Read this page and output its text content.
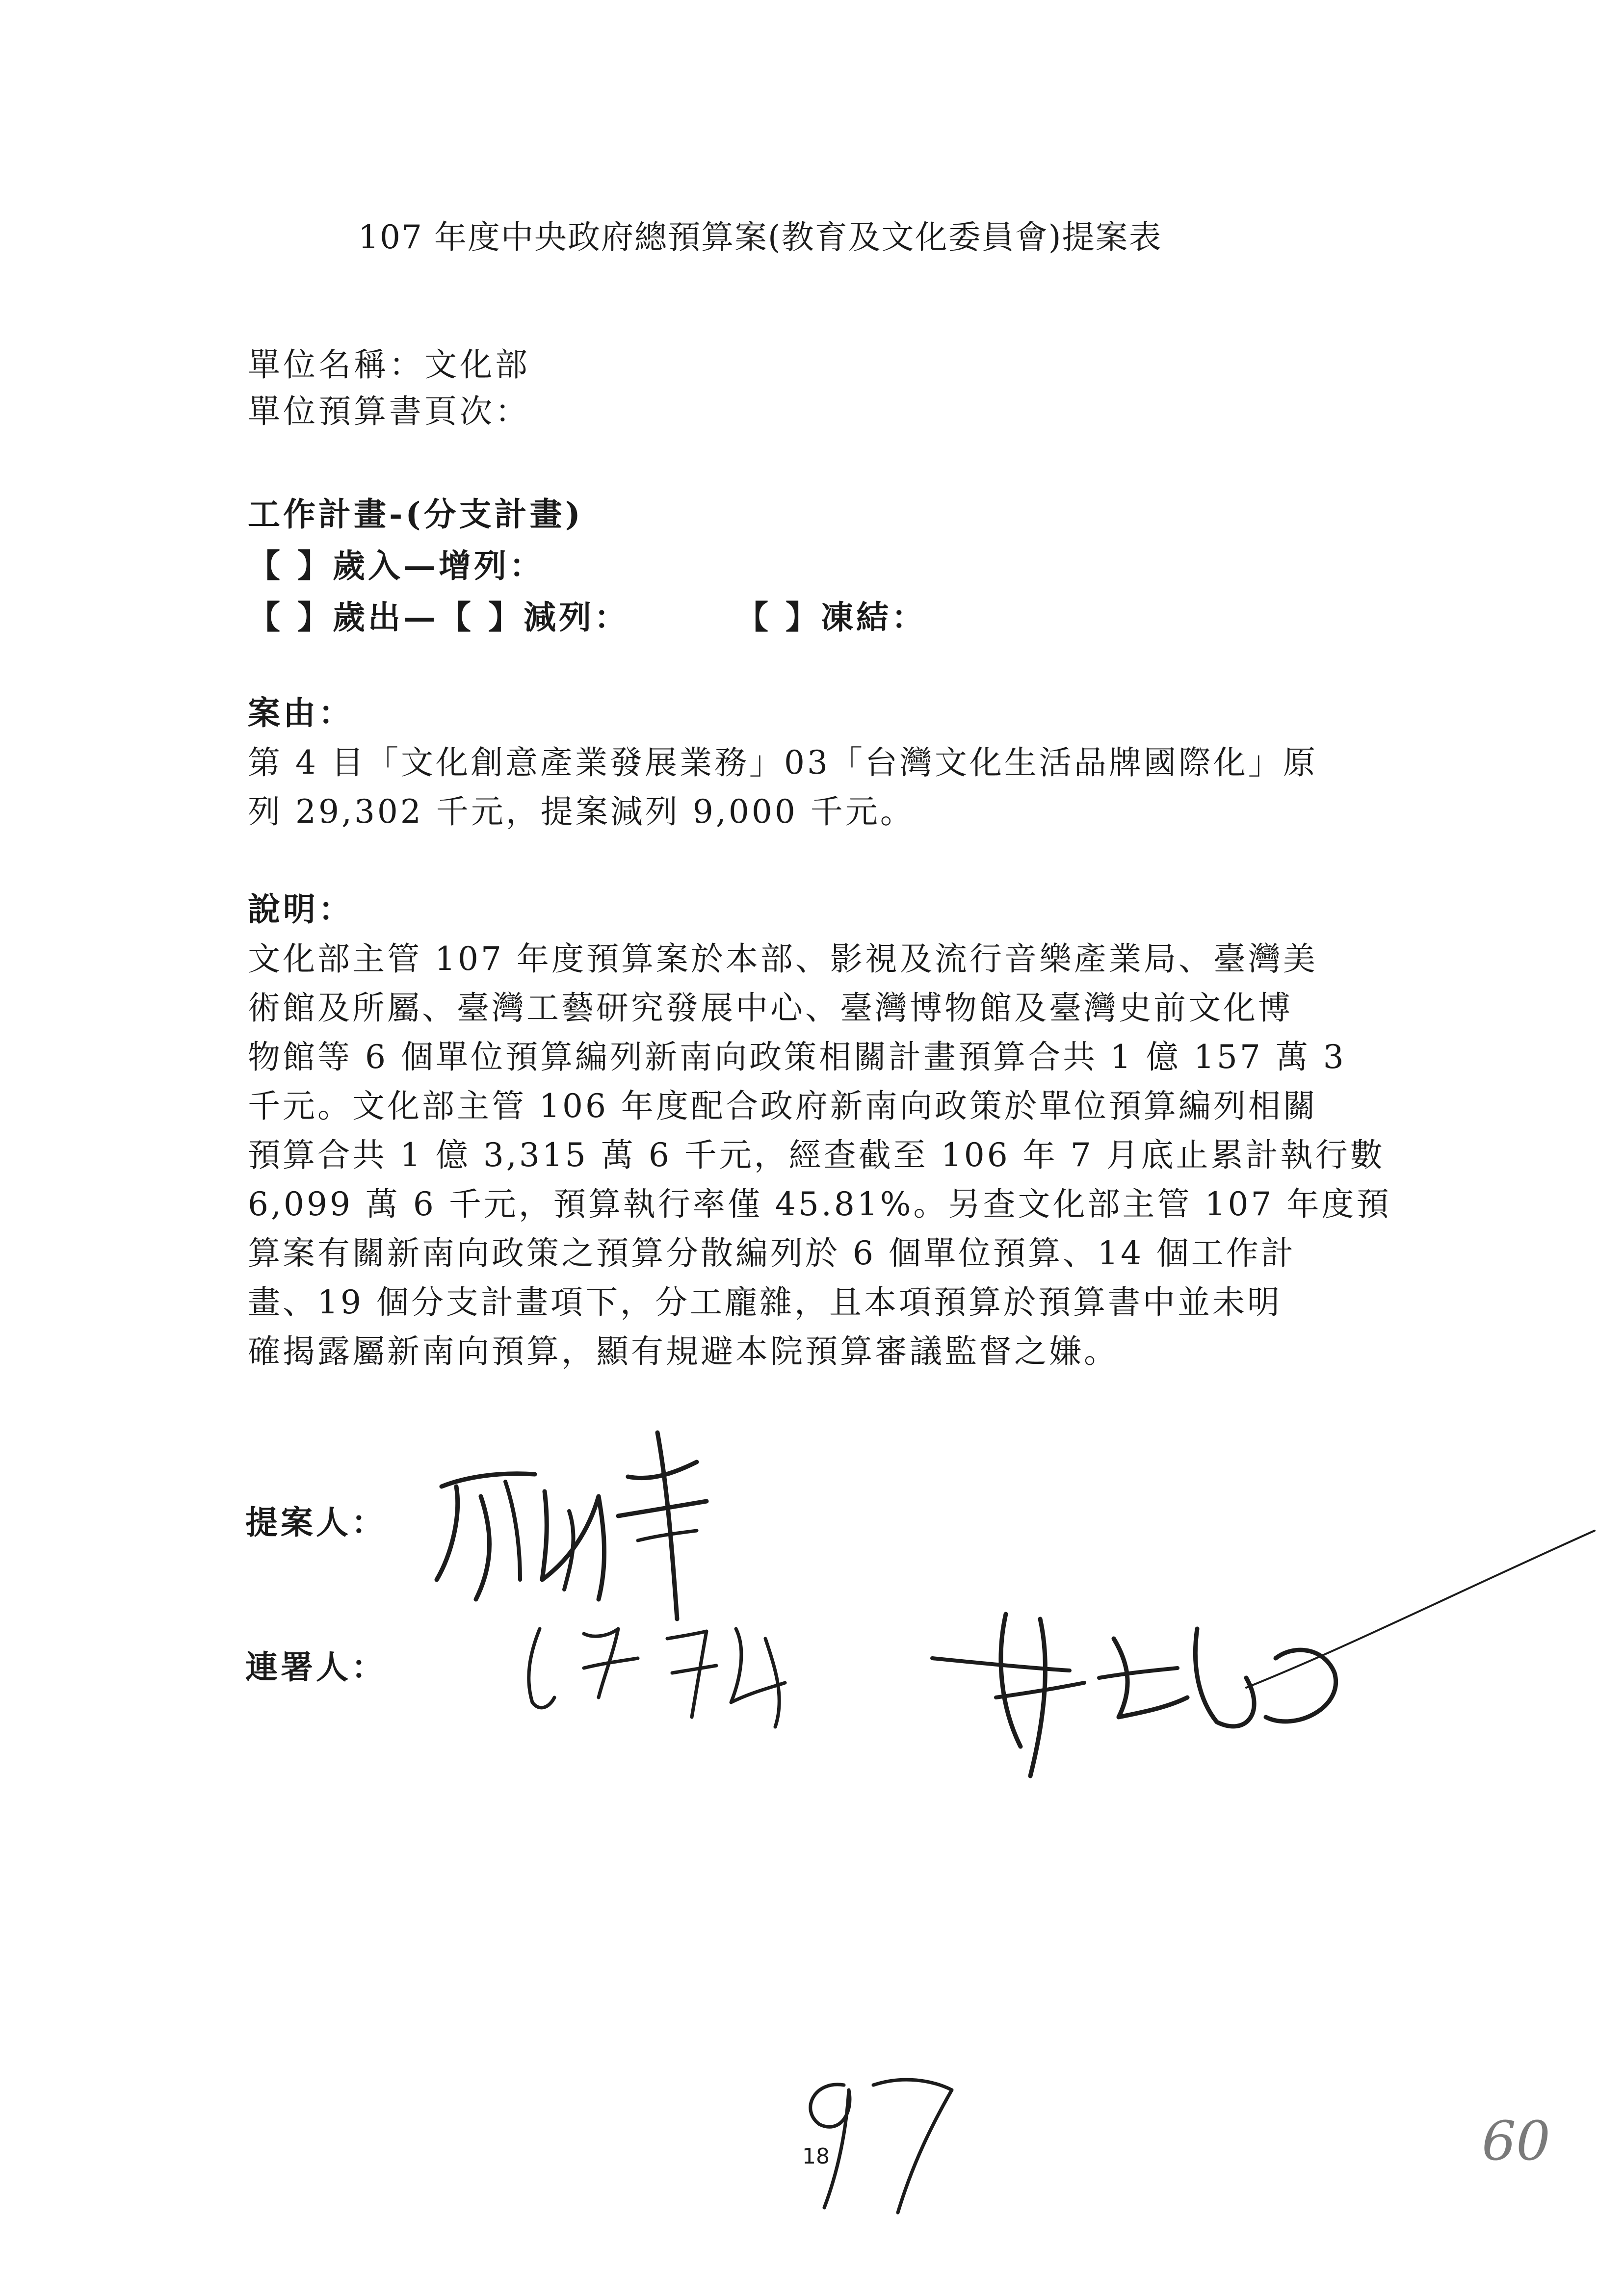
107 年度中央政府總預算案(教育及文化委員會)提案表
單位名稱：文化部
單位預算書頁次：
工作計畫-(分支計畫)
【 】歲入—增列：
【 】歲出—【 】減列：	【 】凍結：
案由：
第 4 目「文化創意產業發展業務」03「台灣文化生活品牌國際化」原
列 29,302 千元，提案減列 9,000 千元。
說明：
文化部主管 107 年度預算案於本部、影視及流行音樂產業局、臺灣美
術館及所屬、臺灣工藝研究發展中心、臺灣博物館及臺灣史前文化博
物館等 6 個單位預算編列新南向政策相關計畫預算合共 1 億 157 萬 3
千元。文化部主管 106 年度配合政府新南向政策於單位預算編列相關
預算合共 1 億 3,315 萬 6 千元，經查截至 106 年 7 月底止累計執行數
6,099 萬 6 千元，預算執行率僅 45.81%。另查文化部主管 107 年度預
算案有關新南向政策之預算分散編列於 6 個單位預算、14 個工作計
畫、19 個分支計畫項下，分工龐雜，且本項預算於預算書中並未明
確揭露屬新南向預算，顯有規避本院預算審議監督之嫌。
提案人：
連署人：
18	60
